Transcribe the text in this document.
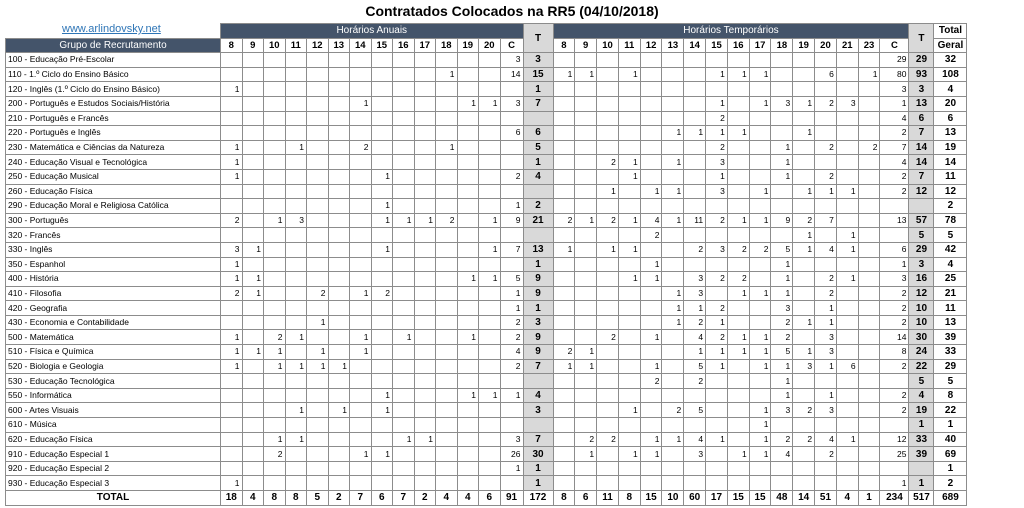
Contratados Colocados na RR5 (04/10/2018)
www.arlindovsky.net
		Horários Anuais														T	Horários Temporários																T	Total
Grupo de Recrutamento	8	9	10	11	12	13	14	15	16	17	18	19	20	C		8	9	10	11	12	13	14	15	16	17	18	19	20	21	23	C		Geral
100 - Educação Pré-Escolar														3	3																29	29	32
110 - 1.º Ciclo do Ensino Básico											1			14	15	1	1		1				1	1	1			6		1	80	93	108
120 - Inglês (1.º Ciclo do Ensino Básico)	1														1																3	3	4
200 - Português e Estudos Sociais/História							1					1	1	3	7								1		1	3	1	2	3		1	13	20
210 - Português e Francês																							2								4	6	6
220 - Português e Inglês														6	6						1	1	1	1			1				2	7	13
230 - Matemática e Ciências da Natureza	1			1			2				1				5								2			1		2		2	7	14	19
240 - Educação Visual e Tecnológica	1														1			2	1		1		3			1					4	14	14
250 - Educação Musical	1							1						2	4				1				1			1		2			2	7	11
260 - Educação Física																		1		1	1		3		1		1	1	1		2	12	12
290 - Educação Moral e Religiosa Católica								1						1	2																		2
300 - Português	2		1	3				1	1	1	2		1	9	21	2	1	2	1	4	1	11	2	1	1	9	2	7			13	57	78
320 - Francês																				2							1		1			5	5
330 - Inglês	3	1						1					1	7	13	1		1	1			2	3	2	2	5	1	4	1		6	29	42
350 - Espanhol	1														1					1						1					1	3	4
400 - História	1	1										1	1	5	9				1	1		3	2	2		1		2	1		3	16	25
410 - Filosofia	2	1			2		1	2						1	9						1	3		1	1	1		2			2	12	21
420 - Geografia														1	1						1	1	2			3		1			2	10	11
430 - Economia e Contabilidade					1									2	3						1	2	1			2	1	1			2	10	13
500 - Matemática	1		2	1			1		1			1		2	9			2		1		4	2	1	1	2		3			14	30	39
510 - Física e Química	1	1	1		1		1							4	9	2	1					1	1	1	1	5	1	3			8	24	33
520 - Biologia e Geologia	1		1	1	1	1								2	7	1	1			1		5	1		1	1	3	1	6		2	22	29
530 - Educação Tecnológica																				2		2				1						5	5
550 - Informática								1				1	1	1	4											1		1			2	4	8
600 - Artes Visuais				1		1		1							3				1		2	5			1	3	2	3			2	19	22
610 - Música																									1							1	1
620 - Educação Física			1	1					1	1				3	7		2	2		1	1	4	1		1	2	2	4	1		12	33	40
910 - Educação Especial 1			2				1	1						26	30		1		1	1		3		1	1	4		2			25	39	69
920 - Educação Especial 2														1	1																		1
930 - Educação Especial 3	1														1																1	1	2
TOTAL	18	4	8	8	5	2	7	6	7	2	4	4	6	91	172	8	6	11	8	15	10	60	17	15	15	48	14	51	4	1	234	517	689
